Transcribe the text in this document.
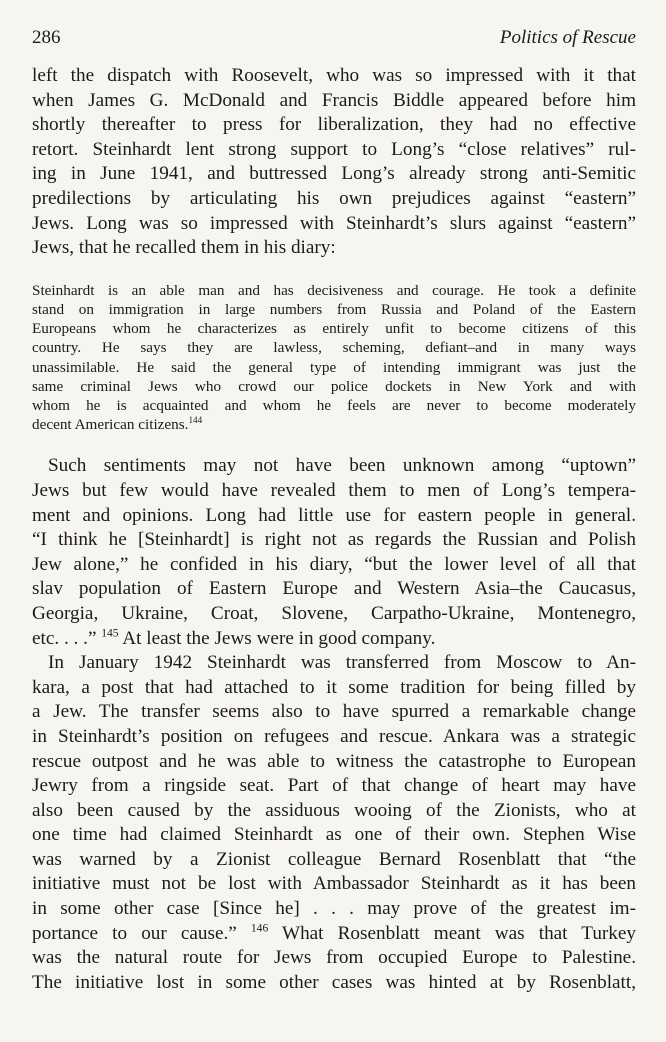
286	Politics of Rescue
left the dispatch with Roosevelt, who was so impressed with it that
when James G. McDonald and Francis Biddle appeared before him
shortly thereafter to press for liberalization, they had no effective
retort. Steinhardt lent strong support to Long’s “close relatives” rul-
ing in June 1941, and buttressed Long’s already strong anti-Semitic
predilections by articulating his own prejudices against “eastern”
Jews. Long was so impressed with Steinhardt’s slurs against “eastern”
Jews, that he recalled them in his diary:
Steinhardt is an able man and has decisiveness and courage. He took a definite
stand on immigration in large numbers from Russia and Poland of the Eastern
Europeans whom he characterizes as entirely unfit to become citizens of this
country. He says they are lawless, scheming, defiant–and in many ways
unassimilable. He said the general type of intending immigrant was just the
same criminal Jews who crowd our police dockets in New York and with
whom he is acquainted and whom he feels are never to become moderately
decent American citizens.$^{144}$
Such sentiments may not have been unknown among “uptown”
Jews but few would have revealed them to men of Long’s tempera-
ment and opinions. Long had little use for eastern people in general.
“I think he [Steinhardt] is right not as regards the Russian and Polish
Jew alone,” he confided in his diary, “but the lower level of all that
slav population of Eastern Europe and Western Asia–the Caucasus,
Georgia, Ukraine, Croat, Slovene, Carpatho-Ukraine, Montenegro,
etc. . . .” $^{145}$ At least the Jews were in good company.
In January 1942 Steinhardt was transferred from Moscow to An-
kara, a post that had attached to it some tradition for being filled by
a Jew. The transfer seems also to have spurred a remarkable change
in Steinhardt’s position on refugees and rescue. Ankara was a strategic
rescue outpost and he was able to witness the catastrophe to European
Jewry from a ringside seat. Part of that change of heart may have
also been caused by the assiduous wooing of the Zionists, who at
one time had claimed Steinhardt as one of their own. Stephen Wise
was warned by a Zionist colleague Bernard Rosenblatt that “the
initiative must not be lost with Ambassador Steinhardt as it has been
in some other case [Since he] . . . may prove of the greatest im-
portance to our cause.” $^{146}$ What Rosenblatt meant was that Turkey
was the natural route for Jews from occupied Europe to Palestine.
The initiative lost in some other cases was hinted at by Rosenblatt,
